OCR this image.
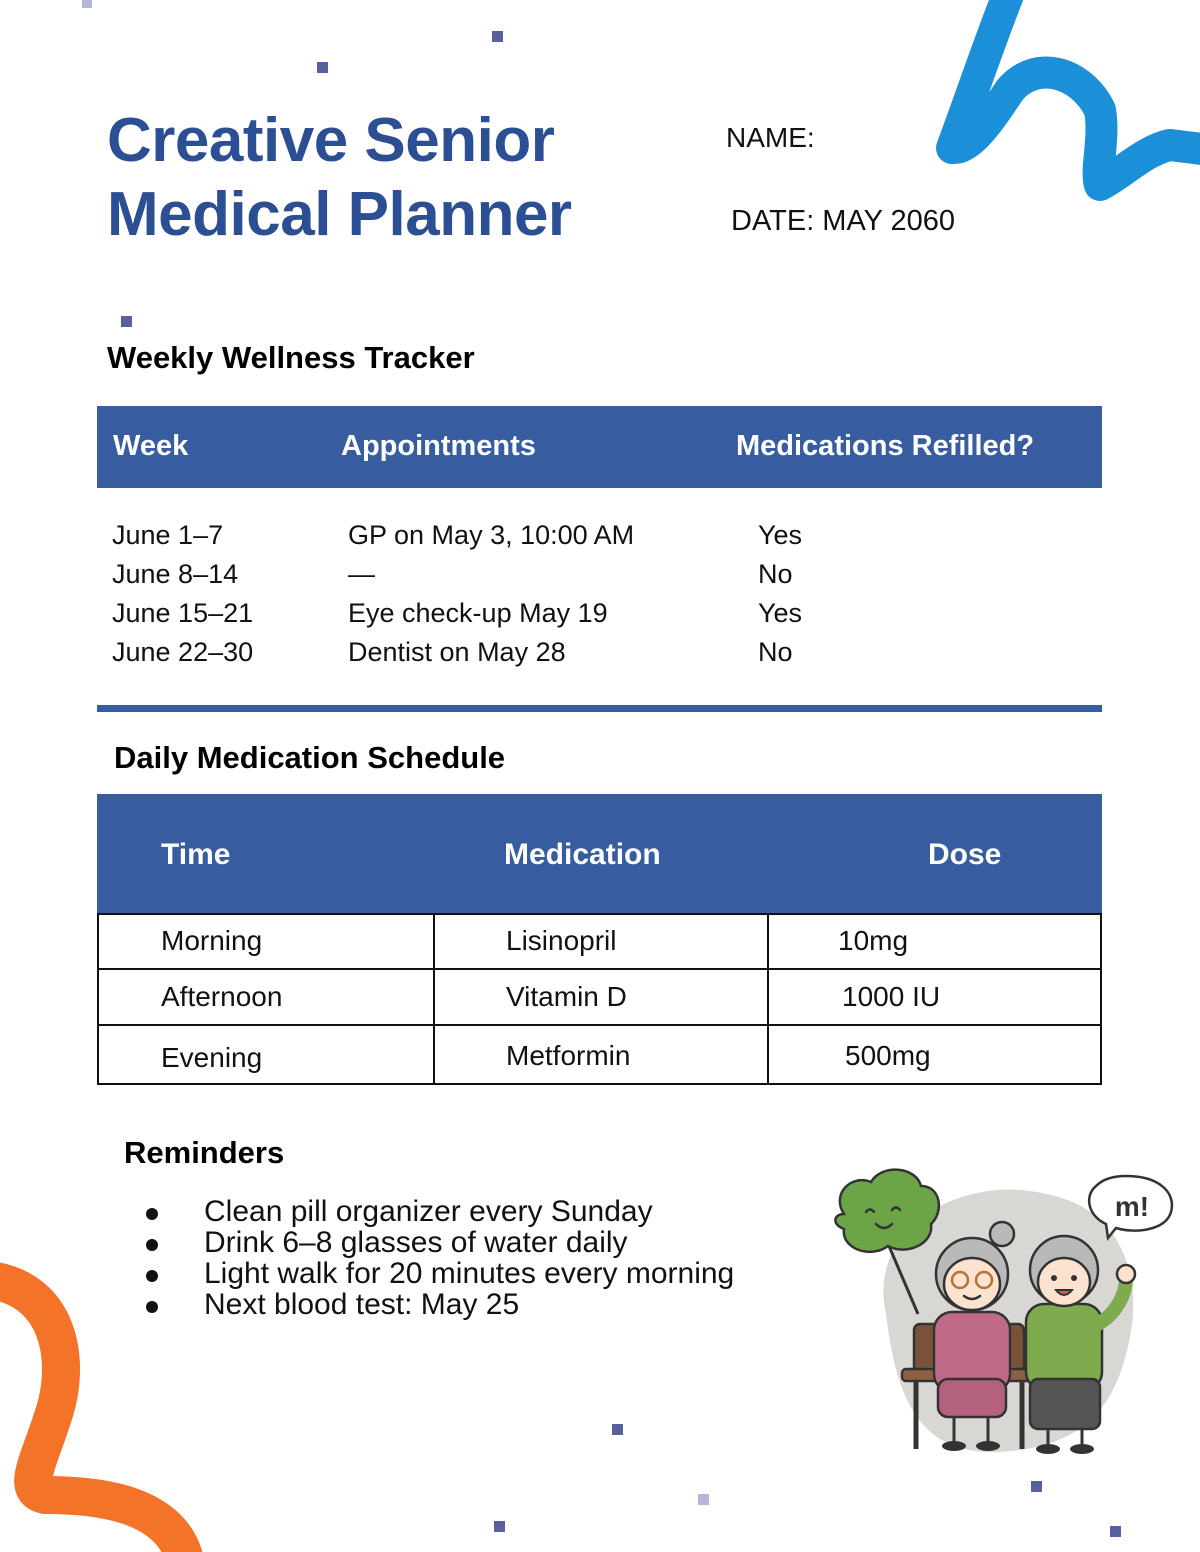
Creative Senior
Medical Planner
NAME:
DATE: MAY 2060
Weekly Wellness Tracker
Week	Appointments	Medications Refilled?
June 1–7	GP on May 3, 10:00 AM	Yes
June 8–14	—	No
June 15–21	Eye check-up May 19	Yes
June 22–30	Dentist on May 28	No
Daily Medication Schedule
Time	Medication	Dose
Morning	Lisinopril	10mg
Afternoon	Vitamin D	1000 IU
Evening	Metformin	500mg
Reminders
Clean pill organizer every Sunday
Drink 6–8 glasses of water daily
Light walk for 20 minutes every morning
Next blood test: May 25
m!
